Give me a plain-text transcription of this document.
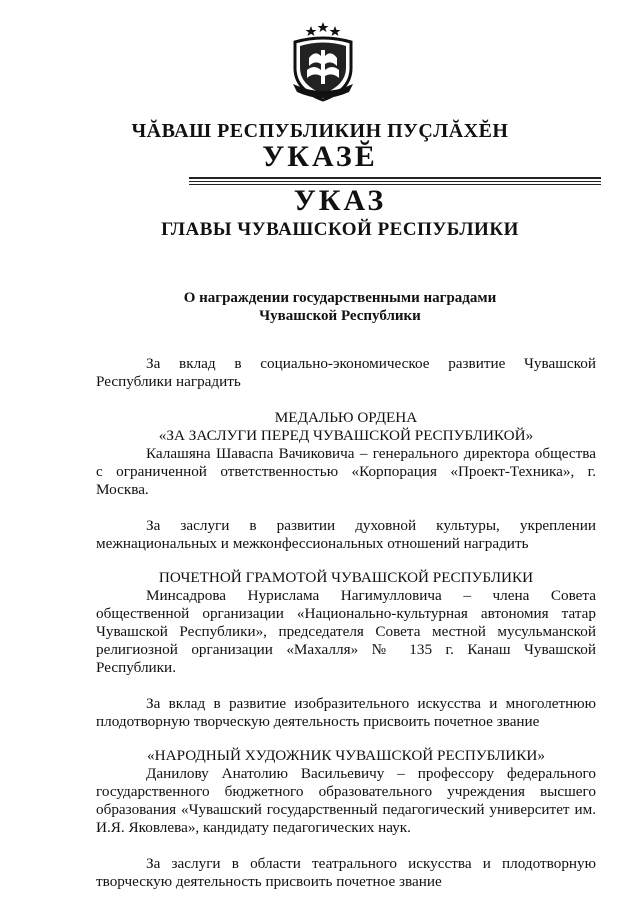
ЧĂВАШ РЕСПУБЛИКИН ПУÇЛĂХĔН
УКАЗĔ
УКАЗ
ГЛАВЫ ЧУВАШСКОЙ РЕСПУБЛИКИ
О награждении государственными наградами
Чувашской Республики

За вклад в социально-экономическое развитие Чувашской Республики наградить

МЕДАЛЬЮ ОРДЕНА

«ЗА ЗАСЛУГИ ПЕРЕД ЧУВАШСКОЙ РЕСПУБЛИКОЙ»

Калашяна Шаваспа Вачиковича – генерального директора общества с ограниченной ответственностью «Корпорация «Проект-Техника», г. Москва.

За заслуги в развитии духовной культуры, укреплении межнациональных и межконфессиональных отношений наградить

ПОЧЕТНОЙ ГРАМОТОЙ ЧУВАШСКОЙ РЕСПУБЛИКИ

Минсадрова Нурислама Нагимулловича – члена Совета общественной организации «Национально-культурная автономия татар Чувашской Республики», председателя Совета местной мусульманской религиозной организации «Махалля» № 135 г. Канаш Чувашской Республики.

За вклад в развитие изобразительного искусства и многолетнюю плодотворную творческую деятельность присвоить почетное звание

«НАРОДНЫЙ ХУДОЖНИК ЧУВАШСКОЙ РЕСПУБЛИКИ»

Данилову Анатолию Васильевичу – профессору федерального государственного бюджетного образовательного учреждения высшего образования «Чувашский государственный педагогический университет им. И.Я. Яковлева», кандидату педагогических наук.

За заслуги в области театрального искусства и плодотворную творческую деятельность присвоить почетное звание
